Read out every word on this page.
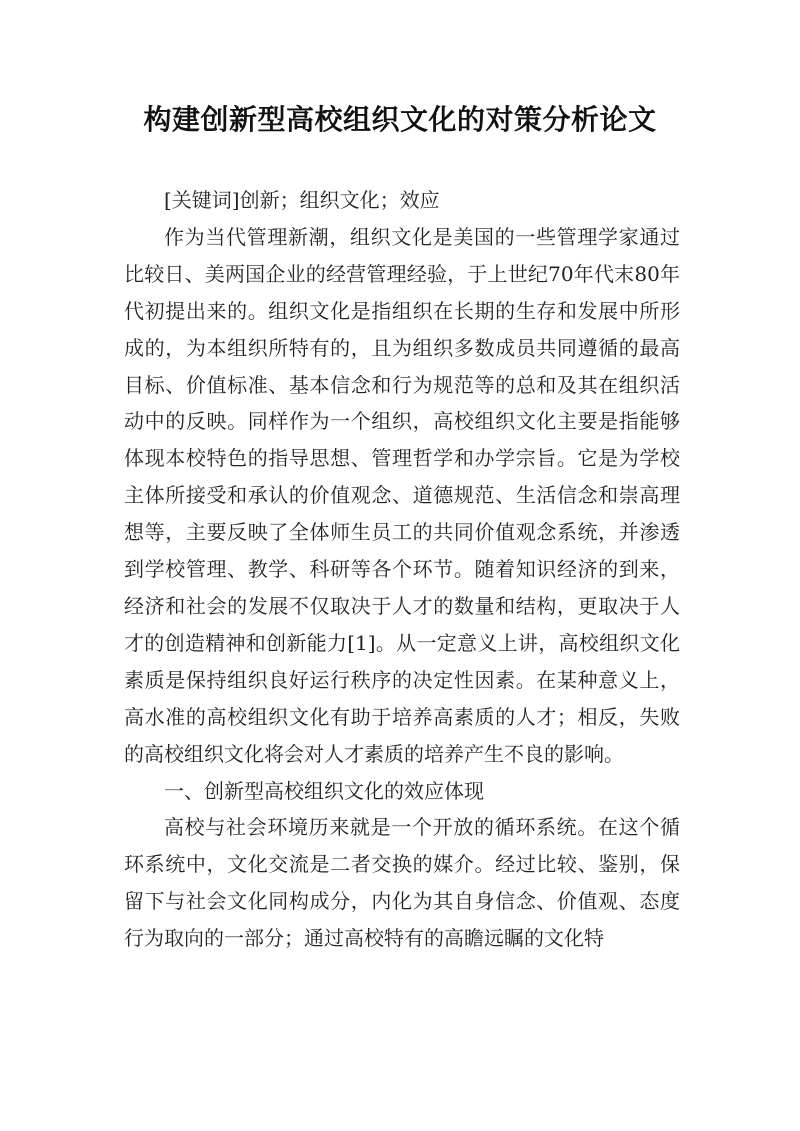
构建创新型高校组织文化的对策分析论文

[关键词]创新；组织文化；效应

作为当代管理新潮，组织文化是美国的一些管理学家通过比较日、美两国企业的经营管理经验，于上世纪70年代末80年代初提出来的。组织文化是指组织在长期的生存和发展中所形成的，为本组织所特有的，且为组织多数成员共同遵循的最高目标、价值标准、基本信念和行为规范等的总和及其在组织活动中的反映。同样作为一个组织，高校组织文化主要是指能够体现本校特色的指导思想、管理哲学和办学宗旨。它是为学校主体所接受和承认的价值观念、道德规范、生活信念和崇高理想等，主要反映了全体师生员工的共同价值观念系统，并渗透到学校管理、教学、科研等各个环节。随着知识经济的到来，经济和社会的发展不仅取决于人才的数量和结构，更取决于人才的创造精神和创新能力[1]。从一定意义上讲，高校组织文化素质是保持组织良好运行秩序的决定性因素。在某种意义上，高水准的高校组织文化有助于培养高素质的人才；相反，失败的高校组织文化将会对人才素质的培养产生不良的影响。

一、创新型高校组织文化的效应体现

高校与社会环境历来就是一个开放的循环系统。在这个循环系统中，文化交流是二者交换的媒介。经过比较、鉴别，保留下与社会文化同构成分，内化为其自身信念、价值观、态度行为取向的一部分；通过高校特有的高瞻远瞩的文化特
